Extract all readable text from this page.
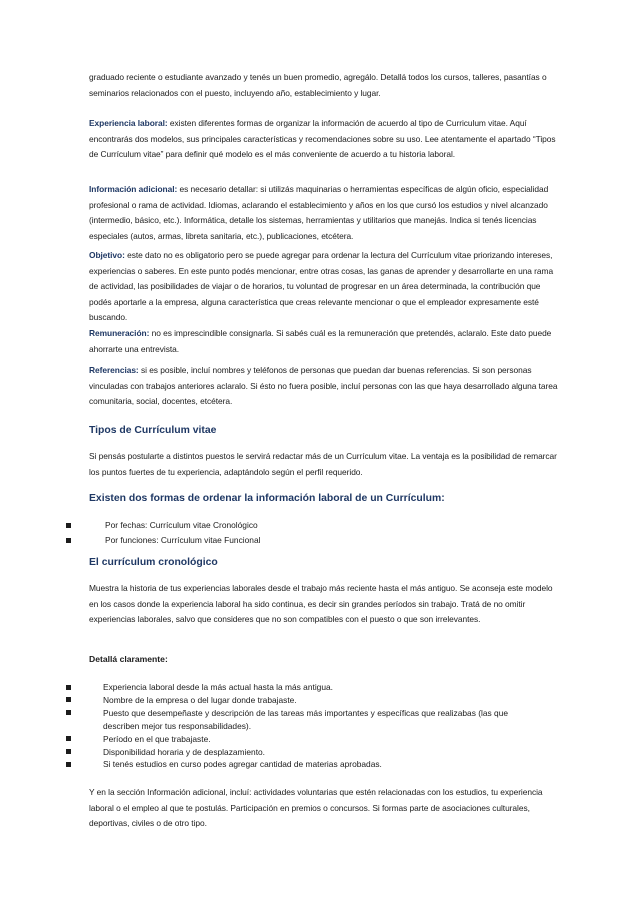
graduado reciente o estudiante avanzado y tenés un buen promedio, agregálo. Detallá todos los cursos, talleres, pasantías o seminarios relacionados con el puesto, incluyendo año, establecimiento y lugar.
Experiencia laboral: existen diferentes formas de organizar la información de acuerdo al tipo de Curriculum vitae. Aquí encontrarás dos modelos, sus principales características y recomendaciones sobre su uso. Lee atentamente el apartado “Tipos de Currículum vitae” para definir qué modelo es el más conveniente de acuerdo a tu historia laboral.
Información adicional: es necesario detallar: si utilizás maquinarias o herramientas específicas de algún oficio, especialidad profesional o rama de actividad. Idiomas, aclarando el establecimiento y años en los que cursó los estudios y nivel alcanzado (intermedio, básico, etc.). Informática, detalle los sistemas, herramientas y utilitarios que manejás. Indica si tenés licencias especiales (autos, armas, libreta sanitaria, etc.), publicaciones, etcétera.
Objetivo: este dato no es obligatorio pero se puede agregar para ordenar la lectura del Currículum vitae priorizando intereses, experiencias o saberes. En este punto podés mencionar, entre otras cosas, las ganas de aprender y desarrollarte en una rama de actividad, las posibilidades de viajar o de horarios, tu voluntad de progresar en un área determinada, la contribución que podés aportarle a la empresa, alguna característica que creas relevante mencionar o que el empleador expresamente esté buscando.
Remuneración: no es imprescindible consignarla. Si sabés cuál es la remuneración que pretendés, aclaralo. Este dato puede ahorrarte una entrevista.
Referencias: si es posible, incluí nombres y teléfonos de personas que puedan dar buenas referencias. Si son personas vinculadas con trabajos anteriores aclaralo. Si ésto no fuera posible, incluí personas con las que haya desarrollado alguna tarea comunitaria, social, docentes, etcétera.
Tipos de Currículum vitae
Si pensás postularte a distintos puestos le servirá redactar más de un Currículum vitae. La ventaja es la posibilidad de remarcar los puntos fuertes de tu experiencia, adaptándolo según el perfil requerido.
Existen dos formas de ordenar la información laboral de un Currículum:
Por fechas: Currículum vitae Cronológico
Por funciones: Currículum vitae Funcional
El currículum cronológico
Muestra la historia de tus experiencias laborales desde el trabajo más reciente hasta el más antiguo. Se aconseja este modelo en los casos donde la experiencia laboral ha sido continua, es decir sin grandes períodos sin trabajo. Tratá de no omitir experiencias laborales, salvo que consideres que no son compatibles con el puesto o que son irrelevantes.
Detallá claramente:
Experiencia laboral desde la más actual hasta la más antigua.
Nombre de la empresa o del lugar donde trabajaste.
Puesto que desempeñaste y descripción de las tareas más importantes y específicas que realizabas (las que describen mejor tus responsabilidades).
Período en el que trabajaste.
Disponibilidad horaria y de desplazamiento.
Si tenés estudios en curso podes agregar cantidad de materias aprobadas.
Y en la sección Información adicional, incluí: actividades voluntarias que estén relacionadas con los estudios, tu experiencia laboral o el empleo al que te postulás. Participación en premios o concursos. Si formas parte de asociaciones culturales, deportivas, civiles o de otro tipo.
